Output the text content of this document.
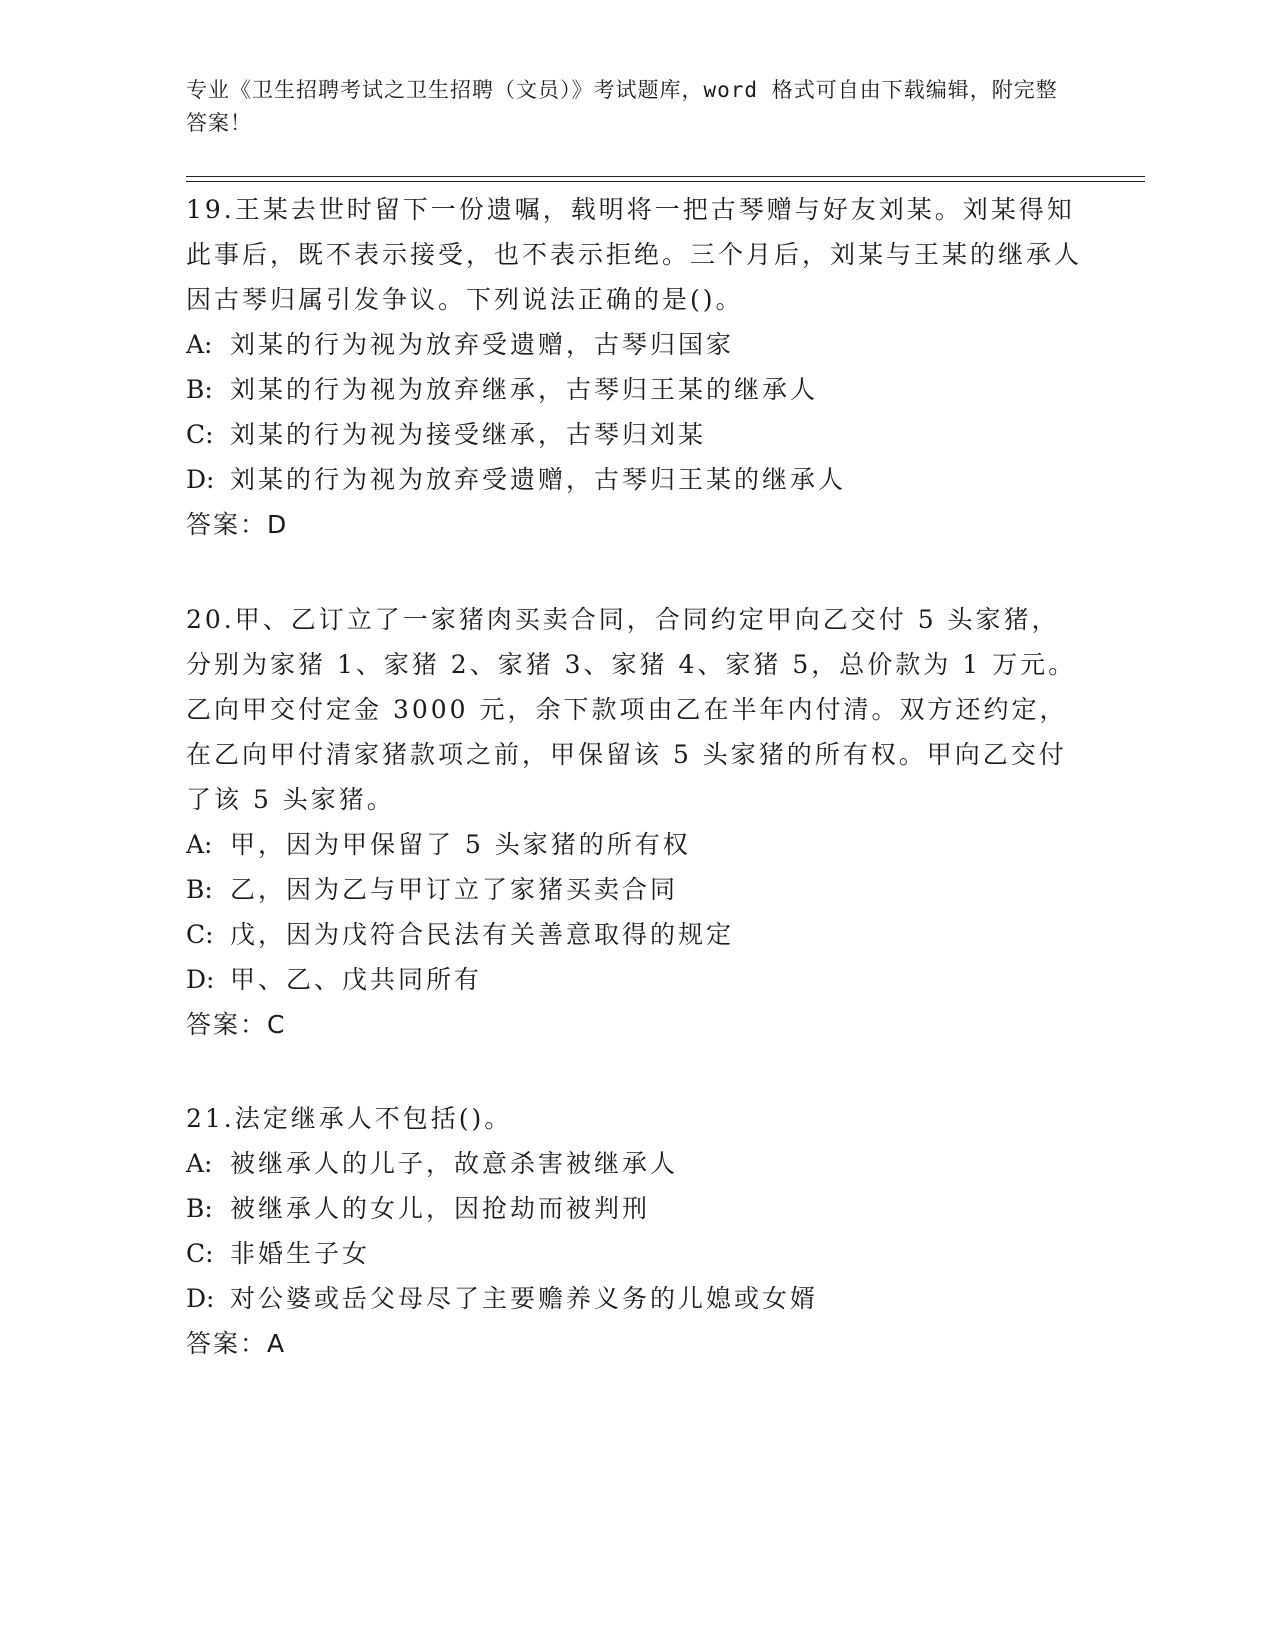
专业《卫生招聘考试之卫生招聘（文员）》考试题库，word 格式可自由下载编辑，附完整答案！

19.王某去世时留下一份遗嘱，载明将一把古琴赠与好友刘某。刘某得知此事后，既不表示接受，也不表示拒绝。三个月后，刘某与王某的继承人因古琴归属引发争议。下列说法正确的是()。

A: 刘某的行为视为放弃受遗赠，古琴归国家

B: 刘某的行为视为放弃继承，古琴归王某的继承人

C: 刘某的行为视为接受继承，古琴归刘某

D: 刘某的行为视为放弃受遗赠，古琴归王某的继承人

答案：D

20.甲、乙订立了一家猪肉买卖合同，合同约定甲向乙交付 5 头家猪，分别为家猪 1、家猪 2、家猪 3、家猪 4、家猪 5，总价款为 1 万元。乙向甲交付定金 3000 元，余下款项由乙在半年内付清。双方还约定，在乙向甲付清家猪款项之前，甲保留该 5 头家猪的所有权。甲向乙交付了该 5 头家猪。

A: 甲，因为甲保留了 5 头家猪的所有权

B: 乙，因为乙与甲订立了家猪买卖合同

C: 戊，因为戊符合民法有关善意取得的规定

D: 甲、乙、戊共同所有

答案：C

21.法定继承人不包括()。

A: 被继承人的儿子，故意杀害被继承人

B: 被继承人的女儿，因抢劫而被判刑

C: 非婚生子女

D: 对公婆或岳父母尽了主要赡养义务的儿媳或女婿

答案：A
